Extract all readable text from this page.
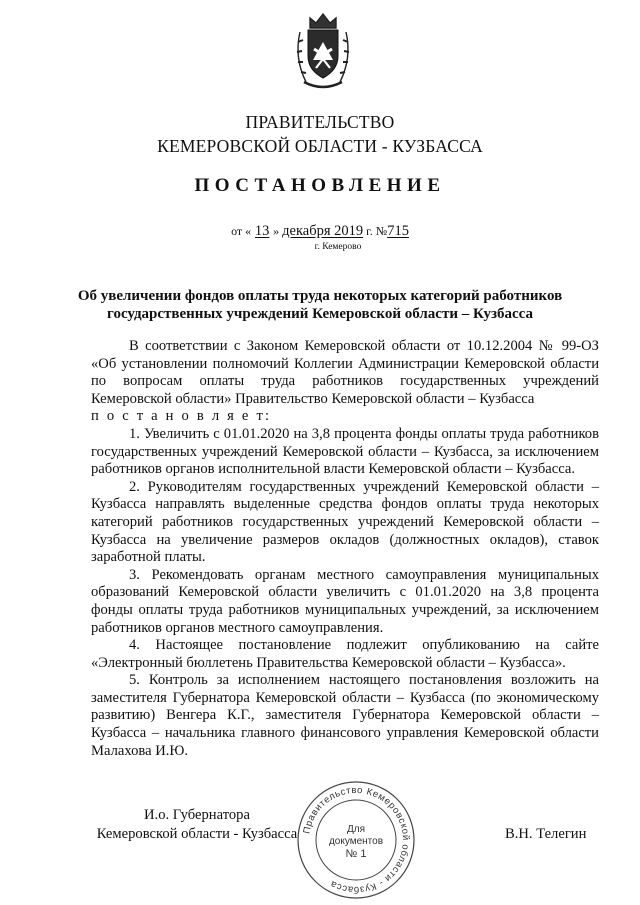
ПРАВИТЕЛЬСТВО
КЕМЕРОВСКОЙ ОБЛАСТИ - КУЗБАССА
ПОСТАНОВЛЕНИЕ
от « 13 » декабря 2019 г. №715
г. Кемерово
Об увеличении фондов оплаты труда некоторых категорий работников
государственных учреждений Кемеровской области – Кузбасса

В соответствии с Законом Кемеровской области от 10.12.2004 № 99-ОЗ «Об установлении полномочий Коллегии Администрации Кемеровской области по вопросам оплаты труда работников государственных учреждений Кемеровской области» Правительство Кемеровской области – Кузбасса

п о с т а н о в л я е т:

1. Увеличить с 01.01.2020 на 3,8 процента фонды оплаты труда работников государственных учреждений Кемеровской области – Кузбасса, за исключением работников органов исполнительной власти Кемеровской области – Кузбасса.

2. Руководителям государственных учреждений Кемеровской области – Кузбасса направлять выделенные средства фондов оплаты труда некоторых категорий работников государственных учреждений Кемеровской области – Кузбасса на увеличение размеров окладов (должностных окладов), ставок заработной платы.

3. Рекомендовать органам местного самоуправления муниципальных образований Кемеровской области увеличить с 01.01.2020 на 3,8 процента фонды оплаты труда работников муниципальных учреждений, за исключением работников органов местного самоуправления.

4. Настоящее постановление подлежит опубликованию на сайте «Электронный бюллетень Правительства Кемеровской области – Кузбасса».

5. Контроль за исполнением настоящего постановления возложить на заместителя Губернатора Кемеровской области – Кузбасса (по экономическому развитию) Венгера К.Г., заместителя Губернатора Кемеровской области – Кузбасса – начальника главного финансового управления Кемеровской области Малахова И.Ю.

И.о. Губернатора
Кемеровской области - Кузбасса	В.Н. Телегин
Правительство Кемеровской области - Кузбасса
Для
документов
№ 1
